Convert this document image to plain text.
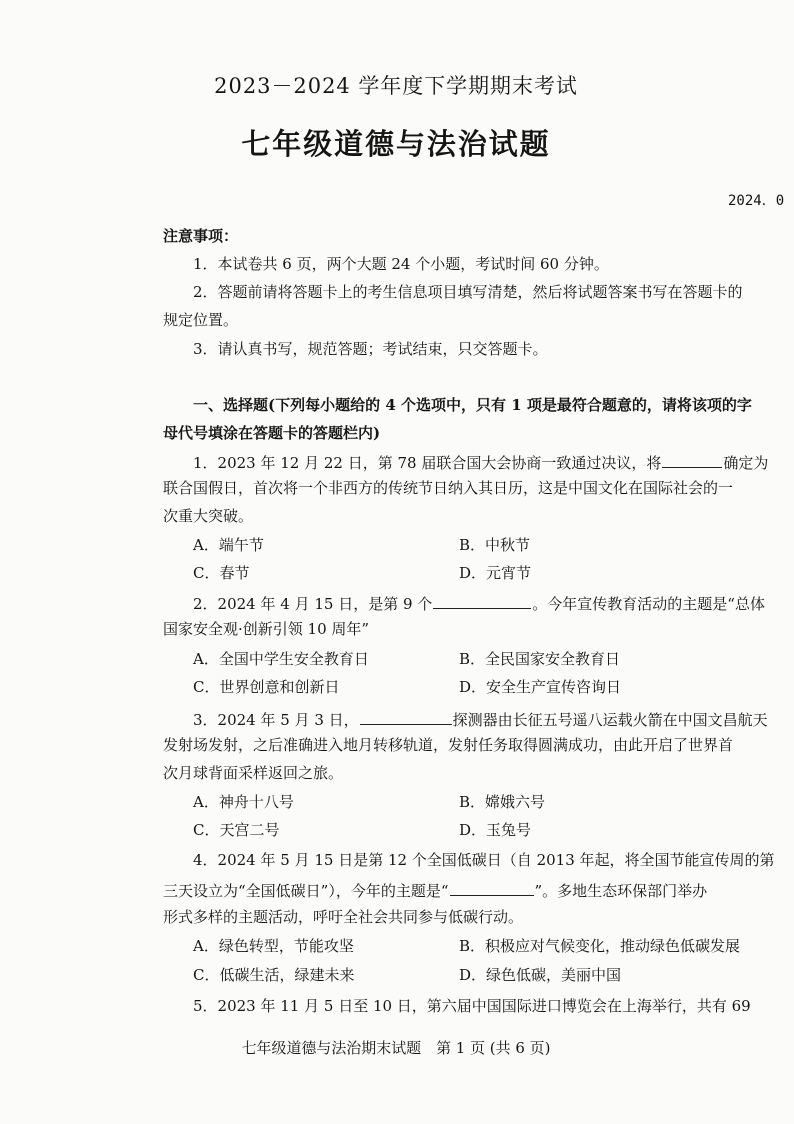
2023－2024 学年度下学期期末考试
七年级道德与法治试题
2024．0
注意事项：
1．本试卷共 6 页，两个大题 24 个小题，考试时间 60 分钟。
2．答题前请将答题卡上的考生信息项目填写清楚，然后将试题答案书写在答题卡的
规定位置。
3．请认真书写，规范答题；考试结束，只交答题卡。
一、选择题(下列每小题给的 4 个选项中，只有 1 项是最符合题意的，请将该项的字
母代号填涂在答题卡的答题栏内)
1．2023 年 12 月 22 日，第 78 届联合国大会协商一致通过决议，将	确定为
联合国假日，首次将一个非西方的传统节日纳入其日历，这是中国文化在国际社会的一
次重大突破。
A．端午节	B．中秋节
C．春节	D．元宵节
2．2024 年 4 月 15 日，是第 9 个	。今年宣传教育活动的主题是“总体
国家安全观·创新引领 10 周年”
A．全国中学生安全教育日	B．全民国家安全教育日
C．世界创意和创新日	D．安全生产宣传咨询日
3．2024 年 5 月 3 日，	探测器由长征五号遥八运载火箭在中国文昌航天
发射场发射，之后准确进入地月转移轨道，发射任务取得圆满成功，由此开启了世界首
次月球背面采样返回之旅。
A．神舟十八号	B．嫦娥六号
C．天宫二号	D．玉兔号
4．2024 年 5 月 15 日是第 12 个全国低碳日（自 2013 年起，将全国节能宣传周的第
三天设立为“全国低碳日”），今年的主题是“	”。多地生态环保部门举办
形式多样的主题活动，呼吁全社会共同参与低碳行动。
A．绿色转型，节能攻坚	B．积极应对气候变化，推动绿色低碳发展
C．低碳生活，绿建未来	D．绿色低碳，美丽中国
5．2023 年 11 月 5 日至 10 日，第六届中国国际进口博览会在上海举行，共有 69
七年级道德与法治期末试题　第 1 页 (共 6 页)
